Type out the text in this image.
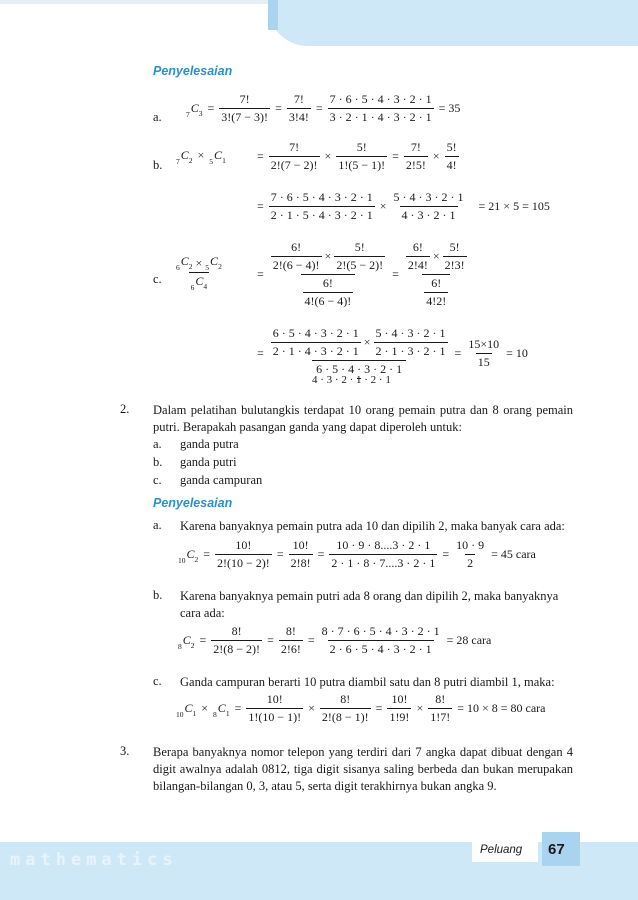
Penyelesaian
a.	7 $C_3 = \frac{7!}{3!(7 - 3)!} = \frac{7!}{3!4!} = \frac{7 \cdot 6 \cdot 5 \cdot 4 \cdot 3 \cdot 2 \cdot 1}{3 \cdot 2 \cdot 1 \cdot 4 \cdot 3 \cdot 2 \cdot 1} = 35$
b. 7 $C_2 \times 5$ $C_1$	= $\frac{7!}{2!(7 - 2)!} \times \frac{5!}{1!(5 - 1)!} = \frac{7!}{2!5!} \times \frac{5!}{4!}$
= $\frac{7 \cdot 6 \cdot 5 \cdot 4 \cdot 3 \cdot 2 \cdot 1}{2 \cdot 1 \cdot 5 \cdot 4 \cdot 3 \cdot 2 \cdot 1} \times \frac{5 \cdot 4 \cdot 3 \cdot 2 \cdot 1}{4 \cdot 3 \cdot 2 \cdot 1} = 21 \times 5 = 105$
c. $\frac{6 C_2 \times 5 C_2}{6 C_4}$	= $\frac{\frac{6!}{2!(6 - 4)!} \times \frac{5!}{2!(5 - 2)!}}{\frac{6!}{4!(6 - 4)!}} = \frac{\frac{6!}{2!4!} \times \frac{5!}{2!3!}}{\frac{6!}{4!2!}}$
= $\frac{6 \cdot 5 \cdot 4 \cdot 3 \cdot 2 \cdot 1}{2 \cdot 1 \cdot 4 \cdot 3 \cdot 2 \cdot 1} \times \frac{5 \cdot 4 \cdot 3 \cdot 2 \cdot 1}{2 \cdot 1 \cdot 3 \cdot 2 \cdot 1}$
6 · 5 · 4 · 3 · 2 · 1
= $\frac{15\times 10}{15} = 10$
4 · 3 · 2 · 1 · 2 · 1
2. Dalam pelatihan bulutangkis terdapat 10 orang pemain putra dan 8 orang pemain putri. Berapakah pasangan ganda yang dapat diperoleh untuk:
a. ganda putra
b. ganda putri
c. ganda campuran
Penyelesaian
a. Karena banyaknya pemain putra ada 10 dan dipilih 2, maka banyak cara ada:
10 $C_2 = \frac{10!}{2!(10 - 2)!} = \frac{10!}{2!8!} = \frac{10 \cdot 9 \cdot 8....3 \cdot 2 \cdot 1}{2 \cdot 1 \cdot 8 \cdot 7....3 \cdot 2 \cdot 1} = \frac{10 \cdot 9}{2} = 45$ cara
b. Karena banyaknya pemain putri ada 8 orang dan dipilih 2, maka banyaknya cara ada:
8 $C_2 = \frac{8!}{2!(8 - 2)!} = \frac{8!}{2!6!} = \frac{8 \cdot 7 \cdot 6 \cdot 5 \cdot 4 \cdot 3 \cdot 2 \cdot 1}{2 \cdot 6 \cdot 5 \cdot 4 \cdot 3 \cdot 2 \cdot 1} = 28$ cara
c. Ganda campuran berarti 10 putra diambil satu dan 8 putri diambil 1, maka:
10 $C_1 \times 8$ $C_1 = \frac{10!}{1!(10 - 1)!} \times \frac{8!}{2!(8 - 1)!} = \frac{10!}{1!9!} \times \frac{8!}{1!7!} = 10 \times 8 = 80$ cara
3. Berapa banyaknya nomor telepon yang terdiri dari 7 angka dapat dibuat dengan 4 digit awalnya adalah 0812, tiga digit sisanya saling berbeda dan bukan merupakan bilangan-bilangan 0, 3, atau 5, serta digit terakhirnya bukan angka 9.
mathematics	Peluang 67
